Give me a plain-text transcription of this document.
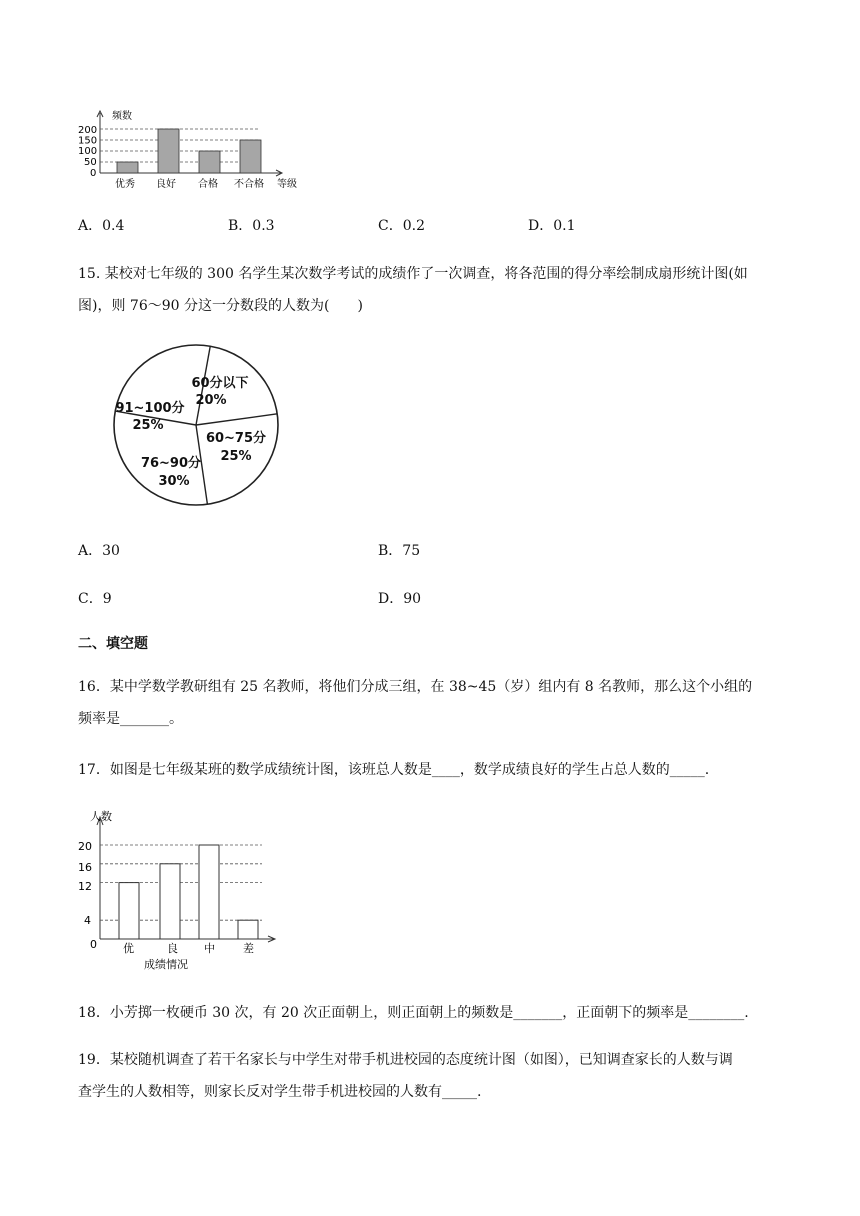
频数
200
150
100
50
0
优秀 良好 合格 不合格 等级
A．0.4	B．0.3	C．0.2	D．0.1
15. 某校对七年级的 300 名学生某次数学考试的成绩作了一次调查，将各范围的得分率绘制成扇形统计图(如
图)，则 76～90 分这一分数段的人数为(　　)
60分以下
20%
60~75分
25%
76~90分
30%
91~100分
25%
A．30	B．75
C．9	D．90
二、填空题
16．某中学数学教研组有 25 名教师，将他们分成三组，在 38~45（岁）组内有 8 名教师，那么这个小组的
频率是_______。
17．如图是七年级某班的数学成绩统计图，该班总人数是____，数学成绩良好的学生占总人数的_____.
人数
20
16
12
4
0 优	良 中	差
成绩情况
18．小芳掷一枚硬币 30 次，有 20 次正面朝上，则正面朝上的频数是_______，正面朝下的频率是________.
19．某校随机调查了若干名家长与中学生对带手机进校园的态度统计图（如图），已知调查家长的人数与调
查学生的人数相等，则家长反对学生带手机进校园的人数有_____.
